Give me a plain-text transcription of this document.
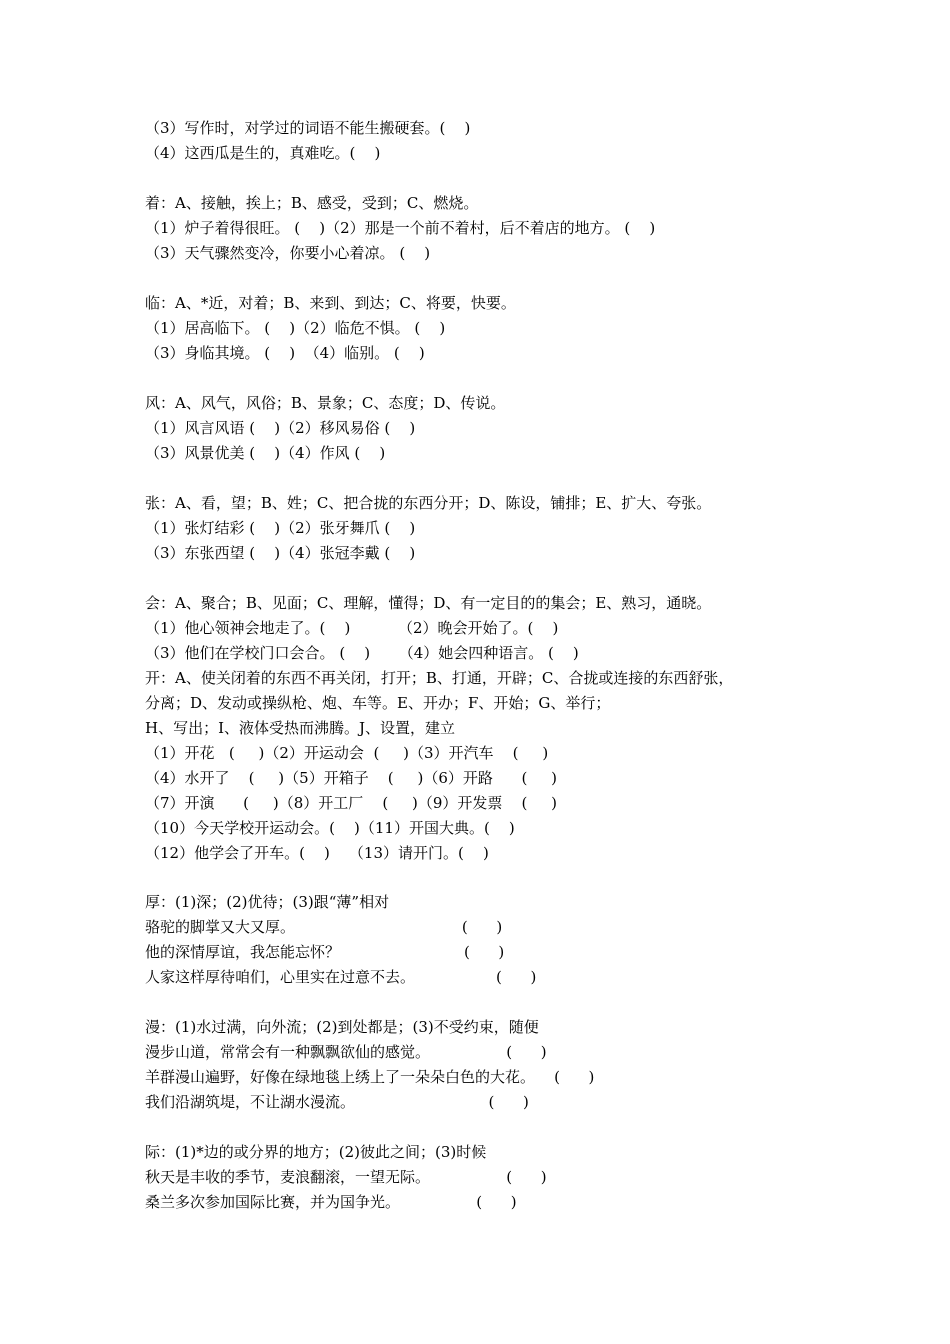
（3）写作时，对学过的词语不能生搬硬套。(    )
（4）这西瓜是生的，真难吃。(    )
着：A、接触，挨上；B、感受，受到；C、燃烧。
（1）炉子着得很旺。 (    )（2）那是一个前不着村，后不着店的地方。 (    )
（3）天气骤然变冷，你要小心着凉。 (    )
临：A、*近，对着；B、来到、到达；C、将要，快要。
（1）居高临下。 (    )（2）临危不惧。 (    )
（3）身临其境。 (    )  （4）临别。 (    )
风：A、风气，风俗；B、景象；C、态度；D、传说。
（1）风言风语 (    )（2）移风易俗 (    )
（3）风景优美 (    )（4）作风 (    )
张：A、看，望；B、姓；C、把合拢的东西分开；D、陈设，铺排；E、扩大、夸张。
（1）张灯结彩 (    )（2）张牙舞爪 (    )
（3）东张西望 (    )（4）张冠李戴 (    )
会：A、聚合；B、见面；C、理解，懂得；D、有一定目的的集会；E、熟习，通晓。
（1）他心领神会地走了。(    )          （2）晚会开始了。(    )
（3）他们在学校门口会合。 (    )      （4）她会四种语言。 (    )
开：A、使关闭着的东西不再关闭，打开；B、打通，开辟；C、合拢或连接的东西舒张，
分离；D、发动或操纵枪、炮、车等。E、开办；F、开始；G、举行；
H、写出；I、液体受热而沸腾。J、设置，建立
（1）开花   (     )（2）开运动会  (     )（3）开汽车    (     )
（4）水开了    (     )（5）开箱子    (     )（6）开路      (     )
（7）开演      (     )（8）开工厂    (     )（9）开发票    (     )
（10）今天学校开运动会。(    )（11）开国大典。(    )
（12）他学会了开车。(    )    （13）请开门。(    )
厚：(1)深；(2)优待；(3)跟“薄”相对
骆驼的脚掌又大又厚。                                   (      )
他的深情厚谊，我怎能忘怀？                          (      )
人家这样厚待咱们，心里实在过意不去。                 (      )
漫：(1)水过满，向外流；(2)到处都是；(3)不受约束，随便
漫步山道，常常会有一种飘飘欲仙的感觉。                (      )
羊群漫山遍野，好像在绿地毯上绣上了一朵朵白色的大花。    (      )
我们沿湖筑堤，不让湖水漫流。                            (      )
际：(1)*边的或分界的地方；(2)彼此之间；(3)时候
秋天是丰收的季节，麦浪翻滚，一望无际。                (      )
桑兰多次参加国际比赛，并为国争光。                (      )
